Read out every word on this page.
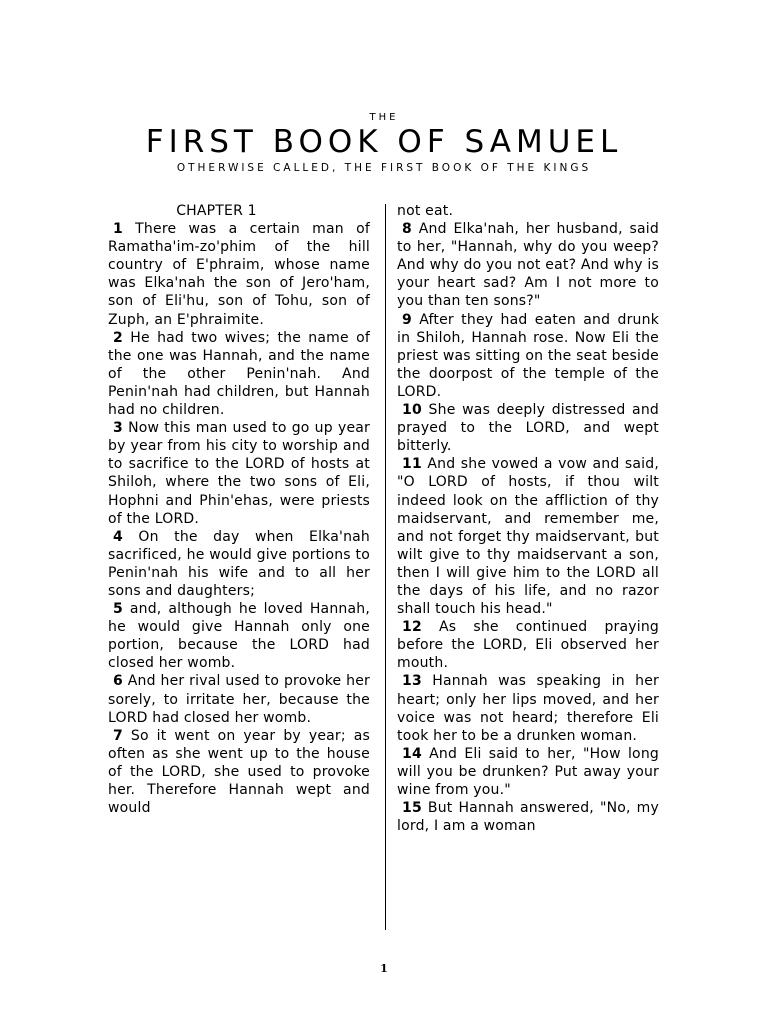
THE
FIRST BOOK OF SAMUEL
OTHERWISE CALLED, THE FIRST BOOK OF THE KINGS
CHAPTER 1

1 There was a certain man of Ramatha'im-zo'phim of the hill country of E'phraim, whose name was Elka'nah the son of Jero'ham, son of Eli'hu, son of Tohu, son of Zuph, an E'phraimite.

2 He had two wives; the name of the one was Hannah, and the name of the other Penin'nah. And Penin'nah had children, but Hannah had no children.

3 Now this man used to go up year by year from his city to worship and to sacrifice to the LORD of hosts at Shiloh, where the two sons of Eli, Hophni and Phin'ehas, were priests of the LORD.

4 On the day when Elka'nah sacrificed, he would give portions to Penin'nah his wife and to all her sons and daughters;

5 and, although he loved Hannah, he would give Hannah only one portion, because the LORD had closed her womb.

6 And her rival used to provoke her sorely, to irritate her, because the LORD had closed her womb.

7 So it went on year by year; as often as she went up to the house of the LORD, she used to provoke her. Therefore Hannah wept and would

not eat.

8 And Elka'nah, her husband, said to her, "Hannah, why do you weep? And why do you not eat? And why is your heart sad? Am I not more to you than ten sons?"

9 After they had eaten and drunk in Shiloh, Hannah rose. Now Eli the priest was sitting on the seat beside the doorpost of the temple of the LORD.

10 She was deeply distressed and prayed to the LORD, and wept bitterly.

11 And she vowed a vow and said, "O LORD of hosts, if thou wilt indeed look on the affliction of thy maidservant, and remember me, and not forget thy maidservant, but wilt give to thy maidservant a son, then I will give him to the LORD all the days of his life, and no razor shall touch his head."

12 As she continued praying before the LORD, Eli observed her mouth.

13 Hannah was speaking in her heart; only her lips moved, and her voice was not heard; therefore Eli took her to be a drunken woman.

14 And Eli said to her, "How long will you be drunken? Put away your wine from you."

15 But Hannah answered, "No, my lord, I am a woman

1
